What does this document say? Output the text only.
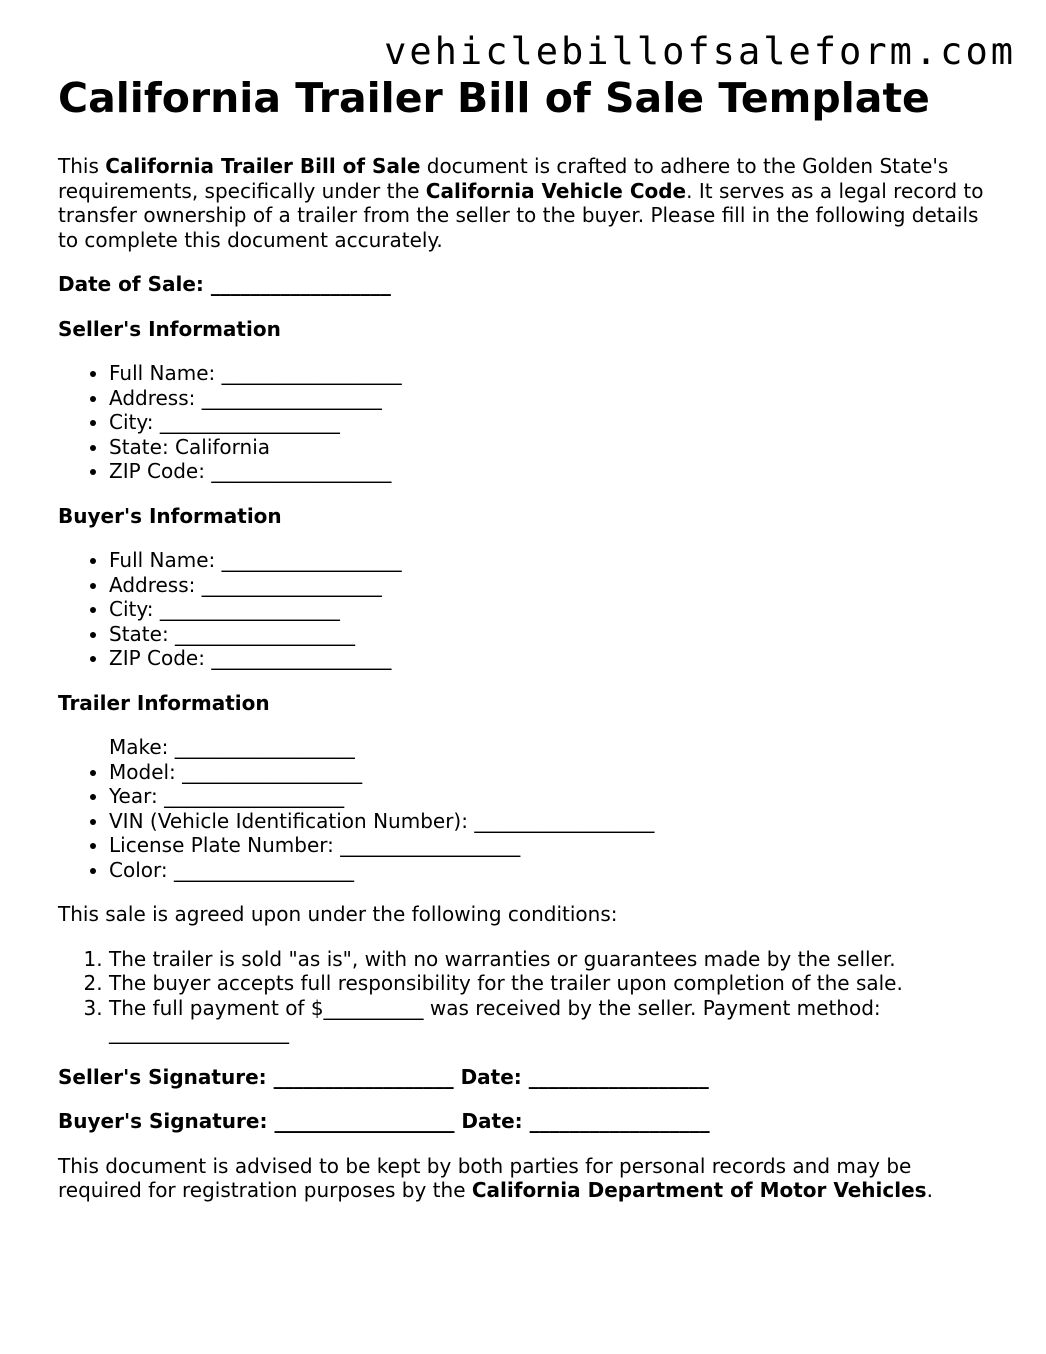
vehiclebillofsaleform.com
California Trailer Bill of Sale Template

This California Trailer Bill of Sale document is crafted to adhere to the Golden State's requirements, specifically under the California Vehicle Code. It serves as a legal record to transfer ownership of a trailer from the seller to the buyer. Please fill in the following details to complete this document accurately.

Date of Sale: __________________
Seller's Information
• Full Name: __________________
• Address: __________________
• City: __________________
• State: California
• ZIP Code: __________________
Buyer's Information
• Full Name: __________________
• Address: __________________
• City: __________________
• State: __________________
• ZIP Code: __________________
Trailer Information
Make: __________________
• Model: __________________
• Year: __________________
• VIN (Vehicle Identification Number): __________________
• License Plate Number: __________________
• Color: __________________

This sale is agreed upon under the following conditions:

1. The trailer is sold "as is", with no warranties or guarantees made by the seller.
2. The buyer accepts full responsibility for the trailer upon completion of the sale.
3. The full payment of $__________ was received by the seller. Payment method: __________________
Seller's Signature: __________________ Date: __________________
Buyer's Signature: __________________ Date: __________________

This document is advised to be kept by both parties for personal records and may be required for registration purposes by the California Department of Motor Vehicles.
